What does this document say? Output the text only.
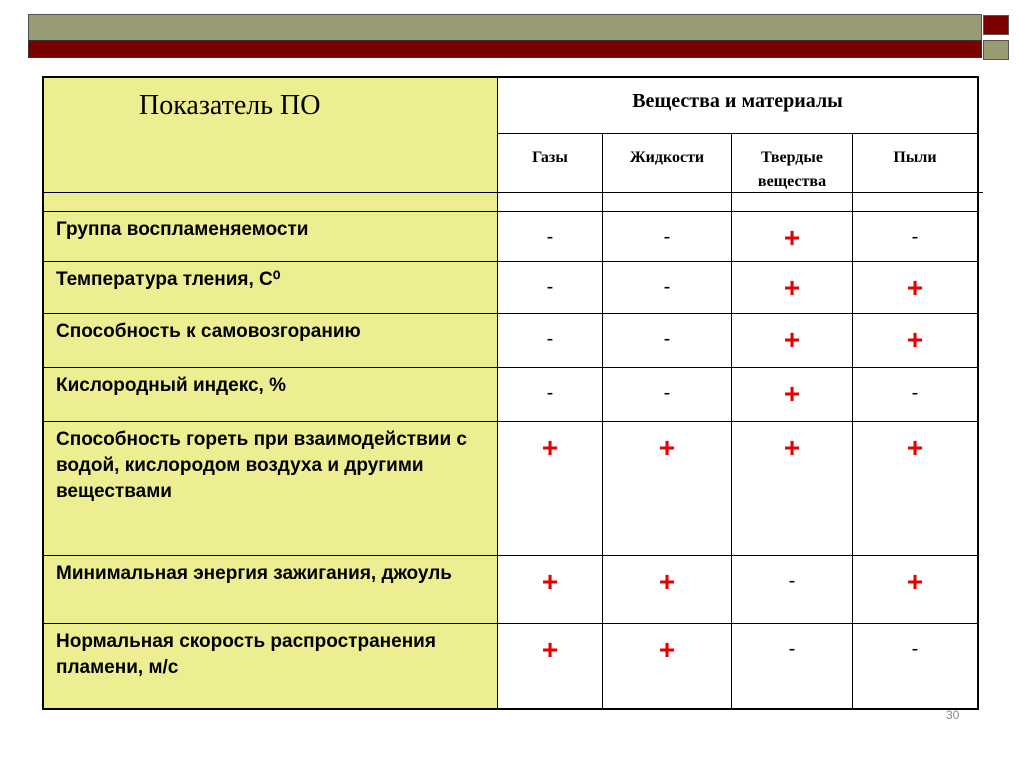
Показатель ПО	Вещества и материалы			
	Газы	Жидкости	Твердые вещества	Пыли
Группа воспламеняемости	-	-	+	-
Температура тления, С⁰	-	-	+	+
Способность к самовозгоранию	-	-	+	+
Кислородный индекс, %	-	-	+	-
Способность гореть при взаимодействии с водой, кислородом воздуха и другими веществами	+	+	+	+
Минимальная энергия зажигания, джоуль	+	+	-	+
Нормальная скорость распространения пламени, м/с	+	+	-	-
30
